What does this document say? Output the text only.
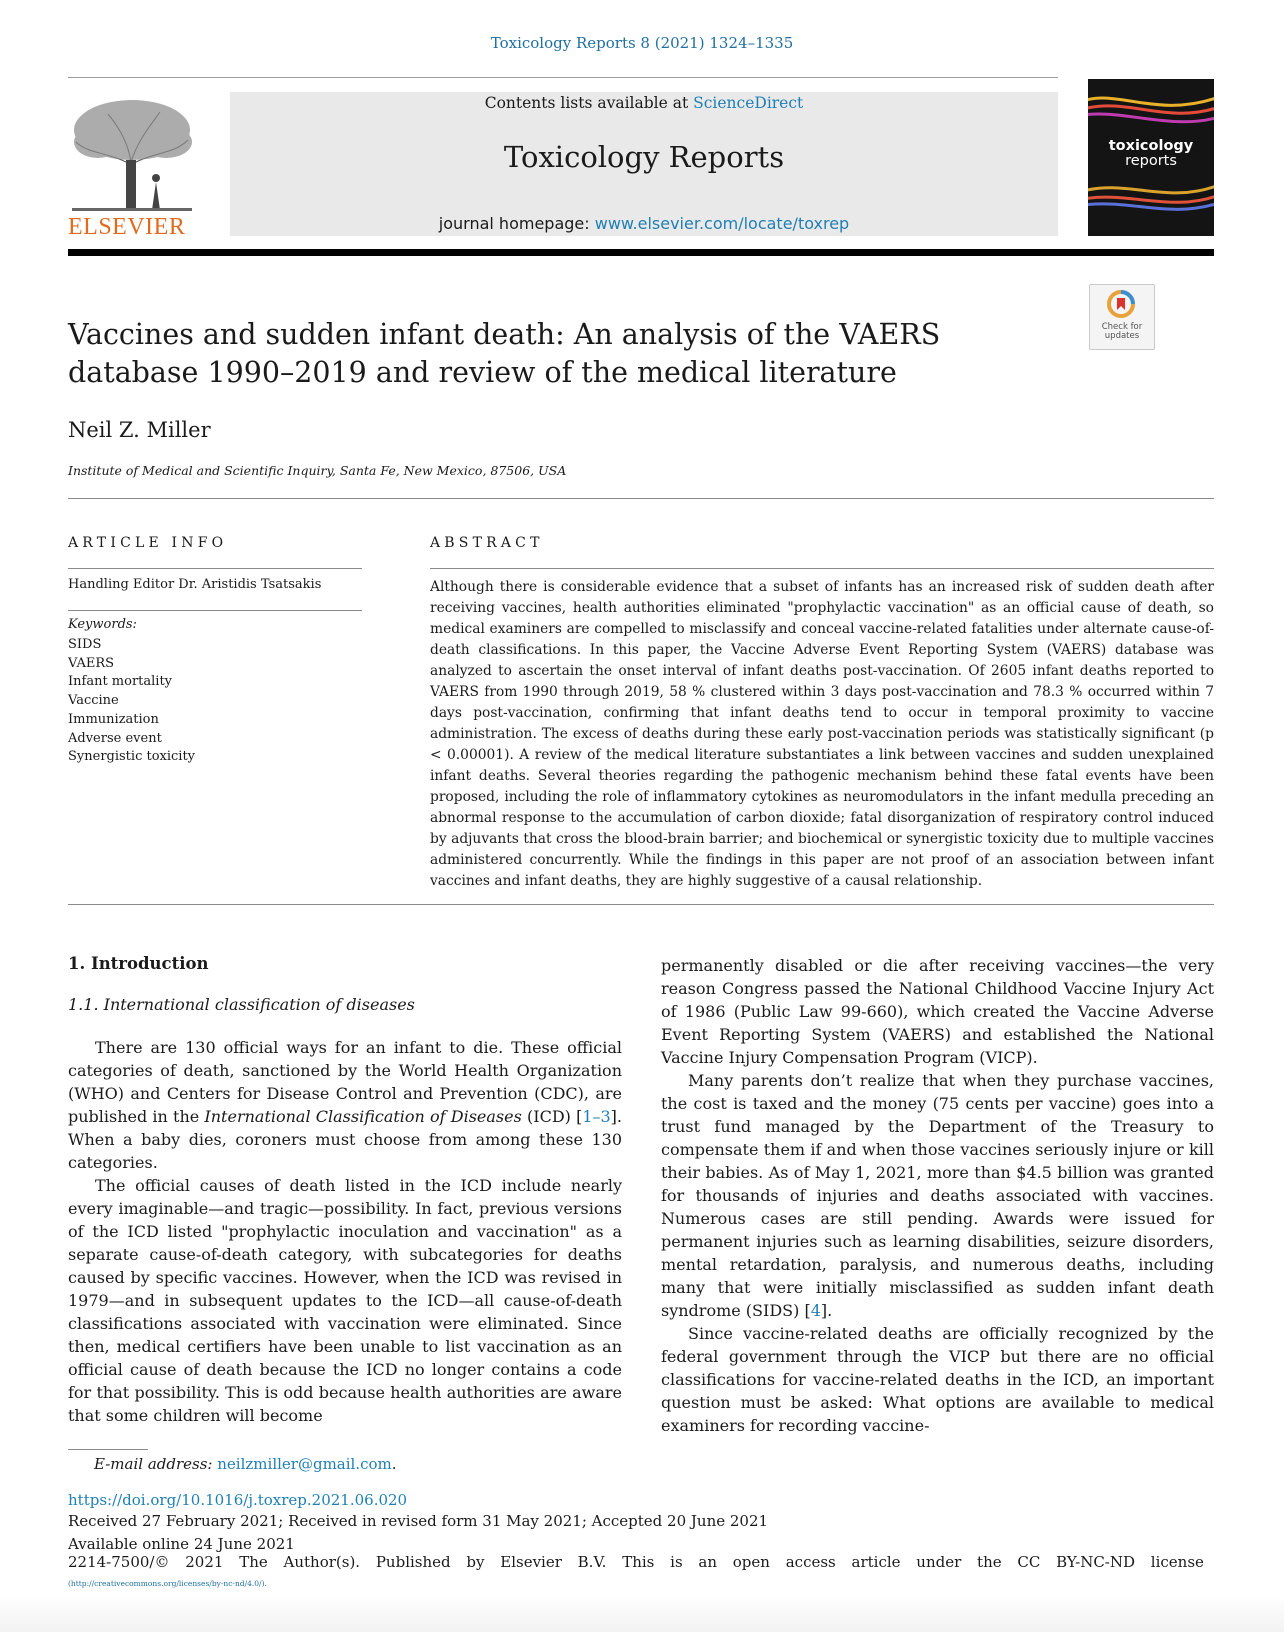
Toxicology Reports 8 (2021) 1324–1335
ELSEVIER
Contents lists available at ScienceDirect
Toxicology Reports
journal homepage: www.elsevier.com/locate/toxrep
toxicology
reports
Check for updates
Vaccines and sudden infant death: An analysis of the VAERS database 1990–2019 and review of the medical literature
Neil Z. Miller
Institute of Medical and Scientific Inquiry, Santa Fe, New Mexico, 87506, USA
ARTICLE INFO	ABSTRACT
Handling Editor Dr. Aristidis Tsatsakis
Keywords:
SIDS
VAERS
Infant mortality
Vaccine
Immunization
Adverse event
Synergistic toxicity

Although there is considerable evidence that a subset of infants has an increased risk of sudden death after receiving vaccines, health authorities eliminated "prophylactic vaccination" as an official cause of death, so medical examiners are compelled to misclassify and conceal vaccine-related fatalities under alternate cause-of-death classifications. In this paper, the Vaccine Adverse Event Reporting System (VAERS) database was analyzed to ascertain the onset interval of infant deaths post-vaccination. Of 2605 infant deaths reported to VAERS from 1990 through 2019, 58 % clustered within 3 days post-vaccination and 78.3 % occurred within 7 days post-vaccination, confirming that infant deaths tend to occur in temporal proximity to vaccine administration. The excess of deaths during these early post-vaccination periods was statistically significant (p < 0.00001). A review of the medical literature substantiates a link between vaccines and sudden unexplained infant deaths. Several theories regarding the pathogenic mechanism behind these fatal events have been proposed, including the role of inflammatory cytokines as neuromodulators in the infant medulla preceding an abnormal response to the accumulation of carbon dioxide; fatal disorganization of respiratory control induced by adjuvants that cross the blood-brain barrier; and biochemical or synergistic toxicity due to multiple vaccines administered concurrently. While the findings in this paper are not proof of an association between infant vaccines and infant deaths, they are highly suggestive of a causal relationship.

1. Introduction
1.1. International classification of diseases

There are 130 official ways for an infant to die. These official categories of death, sanctioned by the World Health Organization (WHO) and Centers for Disease Control and Prevention (CDC), are published in the International Classification of Diseases (ICD) [1–3]. When a baby dies, coroners must choose from among these 130 categories.

The official causes of death listed in the ICD include nearly every imaginable—and tragic—possibility. In fact, previous versions of the ICD listed "prophylactic inoculation and vaccination" as a separate cause-of-death category, with subcategories for deaths caused by specific vaccines. However, when the ICD was revised in 1979—and in subsequent updates to the ICD—all cause-of-death classifications associated with vaccination were eliminated. Since then, medical certifiers have been unable to list vaccination as an official cause of death because the ICD no longer contains a code for that possibility. This is odd because health authorities are aware that some children will become

permanently disabled or die after receiving vaccines—the very reason Congress passed the National Childhood Vaccine Injury Act of 1986 (Public Law 99-660), which created the Vaccine Adverse Event Reporting System (VAERS) and established the National Vaccine Injury Compensation Program (VICP).

Many parents don’t realize that when they purchase vaccines, the cost is taxed and the money (75 cents per vaccine) goes into a trust fund managed by the Department of the Treasury to compensate them if and when those vaccines seriously injure or kill their babies. As of May 1, 2021, more than $4.5 billion was granted for thousands of injuries and deaths associated with vaccines. Numerous cases are still pending. Awards were issued for permanent injuries such as learning disabilities, seizure disorders, mental retardation, paralysis, and numerous deaths, including many that were initially misclassified as sudden infant death syndrome (SIDS) [4].

Since vaccine-related deaths are officially recognized by the federal government through the VICP but there are no official classifications for vaccine-related deaths in the ICD, an important question must be asked: What options are available to medical examiners for recording vaccine-

E-mail address: neilzmiller@gmail.com.
https://doi.org/10.1016/j.toxrep.2021.06.020
Received 27 February 2021; Received in revised form 31 May 2021; Accepted 20 June 2021
Available online 24 June 2021
2214-7500/© 2021 The Author(s). Published by Elsevier B.V. This is an open access article under the CC BY-NC-ND license
(http://creativecommons.org/licenses/by-nc-nd/4.0/).
